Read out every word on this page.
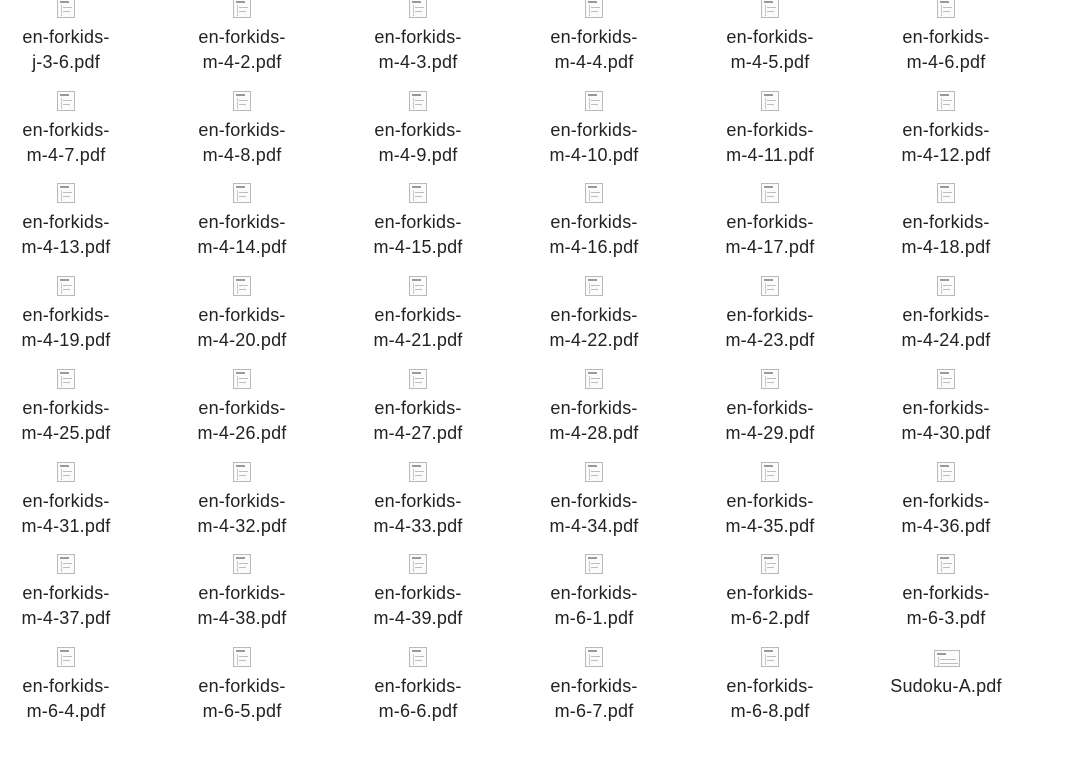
en-forkids-
j-3-6.pdf
en-forkids-
m-4-2.pdf
en-forkids-
m-4-3.pdf
en-forkids-
m-4-4.pdf
en-forkids-
m-4-5.pdf
en-forkids-
m-4-6.pdf
en-forkids-
m-4-7.pdf
en-forkids-
m-4-8.pdf
en-forkids-
m-4-9.pdf
en-forkids-
m-4-10.pdf
en-forkids-
m-4-11.pdf
en-forkids-
m-4-12.pdf
en-forkids-
m-4-13.pdf
en-forkids-
m-4-14.pdf
en-forkids-
m-4-15.pdf
en-forkids-
m-4-16.pdf
en-forkids-
m-4-17.pdf
en-forkids-
m-4-18.pdf
en-forkids-
m-4-19.pdf
en-forkids-
m-4-20.pdf
en-forkids-
m-4-21.pdf
en-forkids-
m-4-22.pdf
en-forkids-
m-4-23.pdf
en-forkids-
m-4-24.pdf
en-forkids-
m-4-25.pdf
en-forkids-
m-4-26.pdf
en-forkids-
m-4-27.pdf
en-forkids-
m-4-28.pdf
en-forkids-
m-4-29.pdf
en-forkids-
m-4-30.pdf
en-forkids-
m-4-31.pdf
en-forkids-
m-4-32.pdf
en-forkids-
m-4-33.pdf
en-forkids-
m-4-34.pdf
en-forkids-
m-4-35.pdf
en-forkids-
m-4-36.pdf
en-forkids-
m-4-37.pdf
en-forkids-
m-4-38.pdf
en-forkids-
m-4-39.pdf
en-forkids-
m-6-1.pdf
en-forkids-
m-6-2.pdf
en-forkids-
m-6-3.pdf
en-forkids-
m-6-4.pdf
en-forkids-
m-6-5.pdf
en-forkids-
m-6-6.pdf
en-forkids-
m-6-7.pdf
en-forkids-
m-6-8.pdf
Sudoku-A.pdf
